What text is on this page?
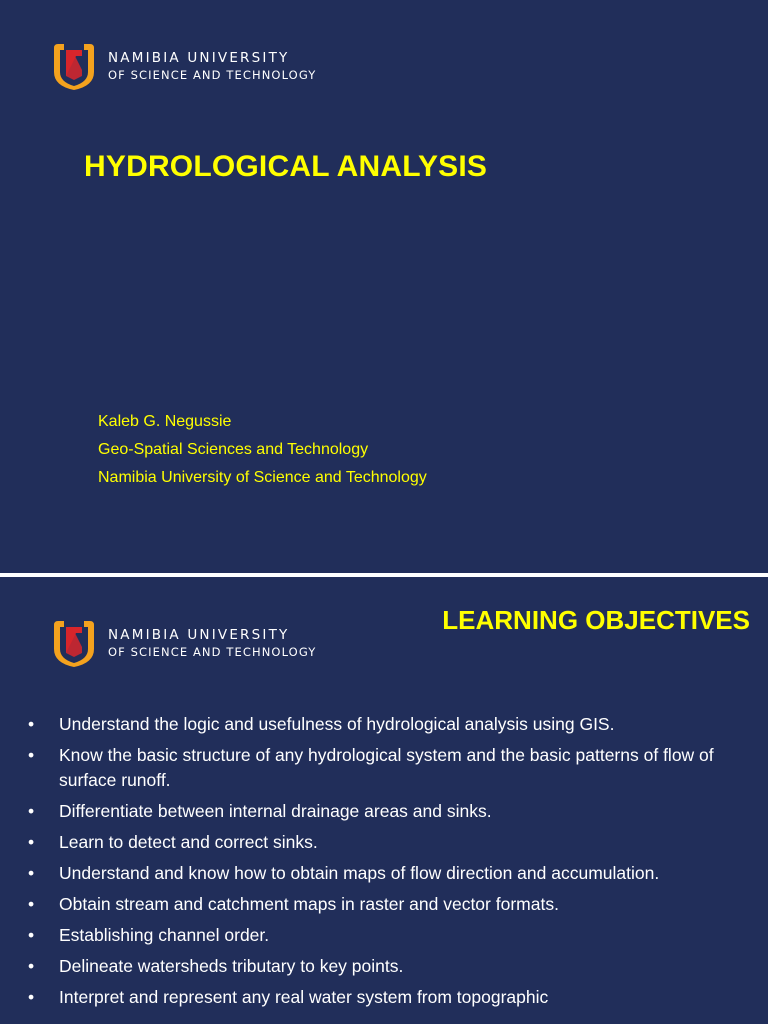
NAMIBIA UNIVERSITY
OF SCIENCE AND TECHNOLOGY
HYDROLOGICAL ANALYSIS
Kaleb G. Negussie
Geo-Spatial Sciences and Technology
Namibia University of Science and Technology
NAMIBIA UNIVERSITY
OF SCIENCE AND TECHNOLOGY
LEARNING OBJECTIVES
• Understand the logic and usefulness of hydrological analysis using GIS.
• Know the basic structure of any hydrological system and the basic patterns of flow of surface runoff.
• Differentiate between internal drainage areas and sinks.
• Learn to detect and correct sinks.
• Understand and know how to obtain maps of flow direction and accumulation.
• Obtain stream and catchment maps in raster and vector formats.
• Establishing channel order.
• Delineate watersheds tributary to key points.
• Interpret and represent any real water system from topographic
